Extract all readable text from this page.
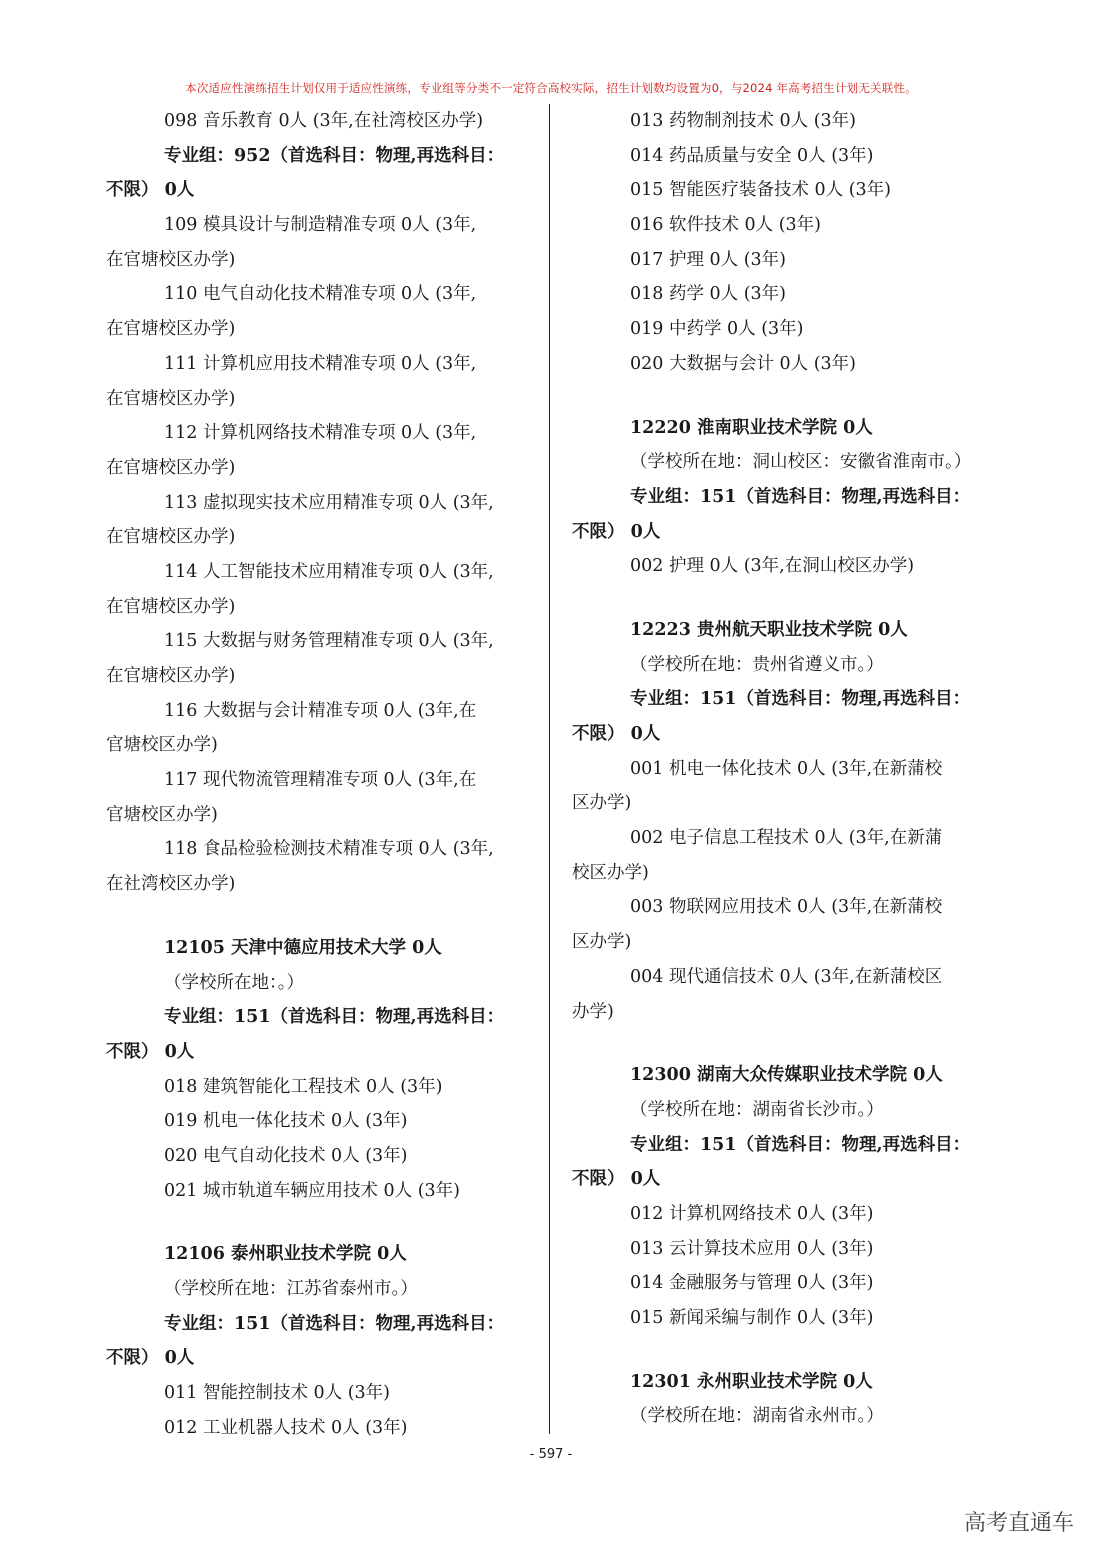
本次适应性演练招生计划仅用于适应性演练，专业组等分类不一定符合高校实际，招生计划数均设置为0，与2024 年高考招生计划无关联性。
098 音乐教育 0人 (3年,在社湾校区办学)
专业组：952（首选科目：物理,再选科目：
不限） 0人
109 模具设计与制造精准专项 0人 (3年,
在官塘校区办学)
110 电气自动化技术精准专项 0人 (3年,
在官塘校区办学)
111 计算机应用技术精准专项 0人 (3年,
在官塘校区办学)
112 计算机网络技术精准专项 0人 (3年,
在官塘校区办学)
113 虚拟现实技术应用精准专项 0人 (3年,
在官塘校区办学)
114 人工智能技术应用精准专项 0人 (3年,
在官塘校区办学)
115 大数据与财务管理精准专项 0人 (3年,
在官塘校区办学)
116 大数据与会计精准专项 0人 (3年,在
官塘校区办学)
117 现代物流管理精准专项 0人 (3年,在
官塘校区办学)
118 食品检验检测技术精准专项 0人 (3年,
在社湾校区办学)
12105 天津中德应用技术大学 0人
（学校所在地：。）
专业组：151（首选科目：物理,再选科目：
不限） 0人
018 建筑智能化工程技术 0人 (3年)
019 机电一体化技术 0人 (3年)
020 电气自动化技术 0人 (3年)
021 城市轨道车辆应用技术 0人 (3年)
12106 泰州职业技术学院 0人
（学校所在地：江苏省泰州市。）
专业组：151（首选科目：物理,再选科目：
不限） 0人
011 智能控制技术 0人 (3年)
012 工业机器人技术 0人 (3年)
013 药物制剂技术 0人 (3年)
014 药品质量与安全 0人 (3年)
015 智能医疗装备技术 0人 (3年)
016 软件技术 0人 (3年)
017 护理 0人 (3年)
018 药学 0人 (3年)
019 中药学 0人 (3年)
020 大数据与会计 0人 (3年)
12220 淮南职业技术学院 0人
（学校所在地：洞山校区：安徽省淮南市。）
专业组：151（首选科目：物理,再选科目：
不限） 0人
002 护理 0人 (3年,在洞山校区办学)
12223 贵州航天职业技术学院 0人
（学校所在地：贵州省遵义市。）
专业组：151（首选科目：物理,再选科目：
不限） 0人
001 机电一体化技术 0人 (3年,在新蒲校
区办学)
002 电子信息工程技术 0人 (3年,在新蒲
校区办学)
003 物联网应用技术 0人 (3年,在新蒲校
区办学)
004 现代通信技术 0人 (3年,在新蒲校区
办学)
12300 湖南大众传媒职业技术学院 0人
（学校所在地：湖南省长沙市。）
专业组：151（首选科目：物理,再选科目：
不限） 0人
012 计算机网络技术 0人 (3年)
013 云计算技术应用 0人 (3年)
014 金融服务与管理 0人 (3年)
015 新闻采编与制作 0人 (3年)
12301 永州职业技术学院 0人
（学校所在地：湖南省永州市。）
- 597 -
高考直通车
